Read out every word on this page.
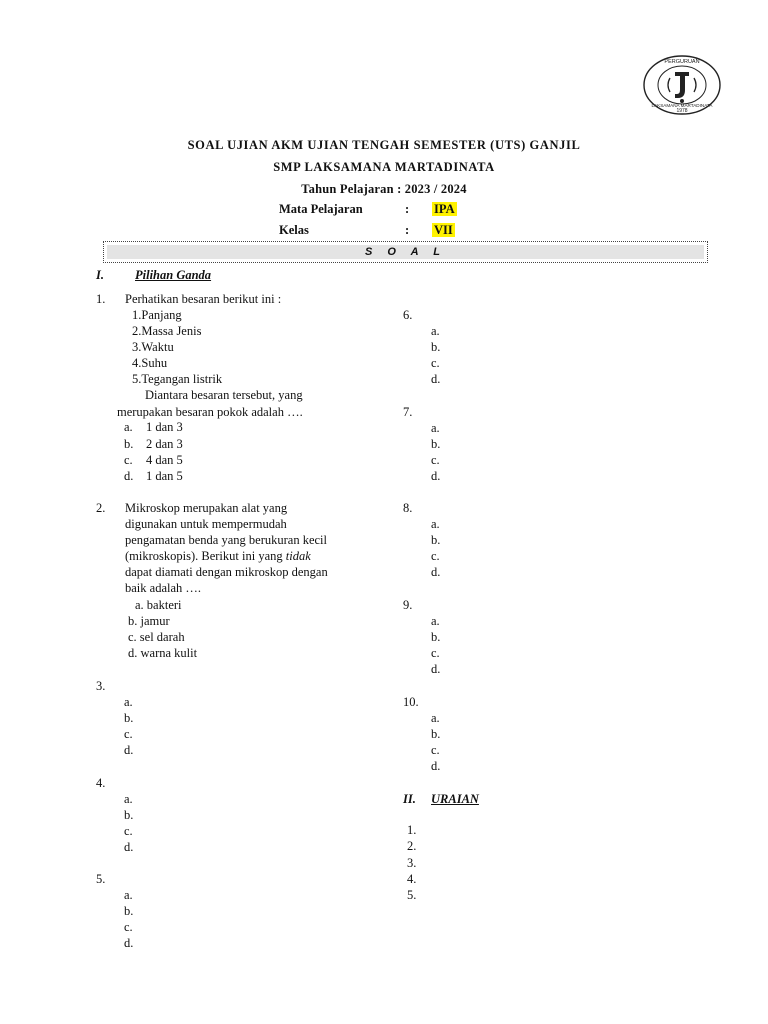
PERGURUAN
1978
LAKSAMANA MARTADINATA
SOAL UJIAN AKM UJIAN TENGAH SEMESTER (UTS) GANJIL
SMP LAKSAMANA MARTADINATA
Tahun Pelajaran : 2023 / 2024
Mata Pelajaran	: IPA
Kelas	: VII
S O A L
I. Pilihan Ganda
1. Perhatikan besaran berikut ini :
1.Panjang
2.Massa Jenis
3.Waktu
4.Suhu
5.Tegangan listrik
Diantara besaran tersebut, yang
merupakan besaran pokok adalah ….
a. 1 dan 3
b. 2 dan 3
c. 4 dan 5
d. 1 dan 5
2. Mikroskop merupakan alat yang
digunakan untuk mempermudah
pengamatan benda yang berukuran kecil
(mikroskopis). Berikut ini yang tidak
dapat diamati dengan mikroskop dengan
baik adalah ….
a. bakteri
b. jamur
c. sel darah
d. warna kulit
3.
a.
b.
c.
d.
4.
a.
b.
c.
d.
5.
a.
b.
c.
d.
6.
a.
b.
c.
d.
7.
a.
b.
c.
d.
8.
a.
b.
c.
d.
9.
a.
b.
c.
d.
10.
a.
b.
c.
d.
II. URAIAN
1.
2.
3.
4.
5.
